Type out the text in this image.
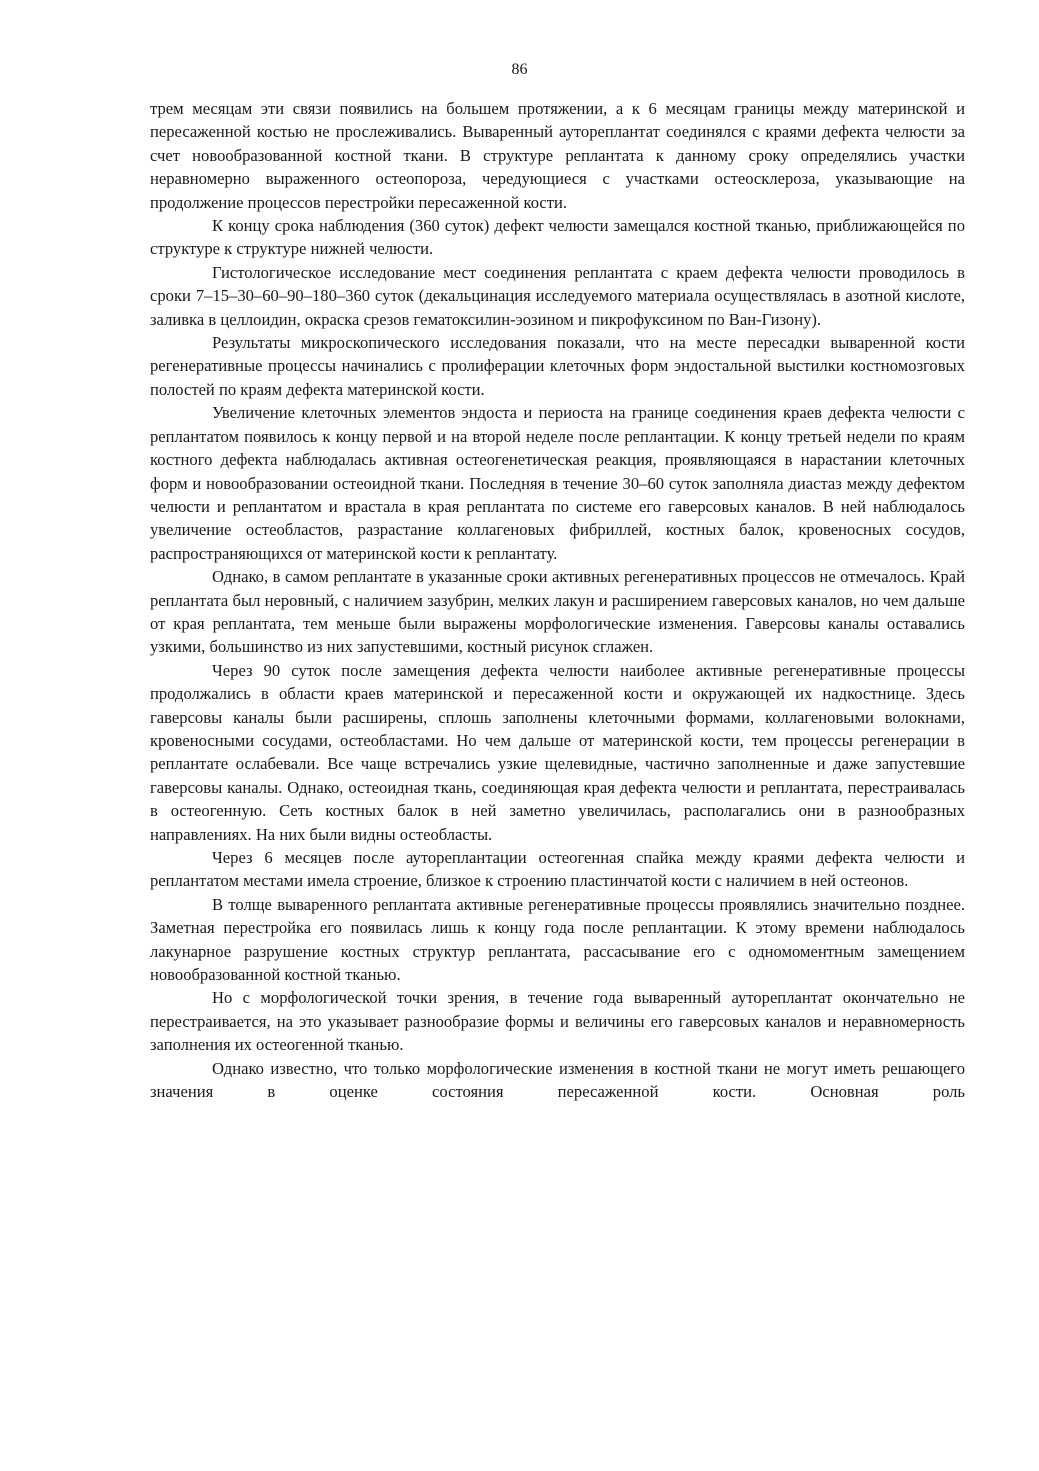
86

трем месяцам эти связи появились на большем протяжении, а к 6 месяцам границы между материнской и пересаженной костью не прослеживались. Вываренный аутореплантат соединялся с краями дефекта челюсти за счет новообразованной костной ткани. В структуре реплантата к данному сроку определялись участки неравномерно выраженного остеопороза, чередующиеся с участками остеосклероза, указывающие на продолжение процессов перестройки пересаженной кости.

К концу срока наблюдения (360 суток) дефект челюсти замещался костной тканью, приближающейся по структуре к структуре нижней челюсти.

Гистологическое исследование мест соединения реплантата с краем дефекта челюсти проводилось в сроки 7–15–30–60–90–180–360 суток (декальцинация исследуемого материала осуществлялась в азотной кислоте, заливка в целлоидин, окраска срезов гематоксилин-эозином и пикрофуксином по Ван-Гизону).

Результаты микроскопического исследования показали, что на месте пересадки вываренной кости регенеративные процессы начинались с пролиферации клеточных форм эндостальной выстилки костномозговых полостей по краям дефекта материнской кости.

Увеличение клеточных элементов эндоста и периоста на границе соединения краев дефекта челюсти с реплантатом появилось к концу первой и на второй неделе после реплантации. К концу третьей недели по краям костного дефекта наблюдалась активная остеогенетическая реакция, проявляющаяся в нарастании клеточных форм и новообразовании остеоидной ткани. Последняя в течение 30–60 суток заполняла диастаз между дефектом челюсти и реплантатом и врастала в края реплантата по системе его гаверсовых каналов. В ней наблюдалось увеличение остеобластов, разрастание коллагеновых фибриллей, костных балок, кровеносных сосудов, распространяющихся от материнской кости к реплантату.

Однако, в самом реплантате в указанные сроки активных регенеративных процессов не отмечалось. Край реплантата был неровный, с наличием зазубрин, мелких лакун и расширением гаверсовых каналов, но чем дальше от края реплантата, тем меньше были выражены морфологические изменения. Гаверсовы каналы оставались узкими, большинство из них запустевшими, костный рисунок сглажен.

Через 90 суток после замещения дефекта челюсти наиболее активные регенеративные процессы продолжались в области краев материнской и пересаженной кости и окружающей их надкостнице. Здесь гаверсовы каналы были расширены, сплошь заполнены клеточными формами, коллагеновыми волокнами, кровеносными сосудами, остеобластами. Но чем дальше от материнской кости, тем процессы регенерации в реплантате ослабевали. Все чаще встречались узкие щелевидные, частично заполненные и даже запустевшие гаверсовы каналы. Однако, остеоидная ткань, соединяющая края дефекта челюсти и реплантата, перестраивалась в остеогенную. Сеть костных балок в ней заметно увеличилась, располагались они в разнообразных направлениях. На них были видны остеобласты.

Через 6 месяцев после аутореплантации остеогенная спайка между краями дефекта челюсти и реплантатом местами имела строение, близкое к строению пластинчатой кости с наличием в ней остеонов.

В толще вываренного реплантата активные регенеративные процессы проявлялись значительно позднее. Заметная перестройка его появилась лишь к концу года после реплантации. К этому времени наблюдалось лакунарное разрушение костных структур реплантата, рассасывание его с одномоментным замещением новообразованной костной тканью.

Но с морфологической точки зрения, в течение года вываренный аутореплантат окончательно не перестраивается, на это указывает разнообразие формы и величины его гаверсовых каналов и неравномерность заполнения их остеогенной тканью.

Однако известно, что только морфологические изменения в костной ткани не могут иметь решающего значения в оценке состояния пересаженной кости. Основная роль
